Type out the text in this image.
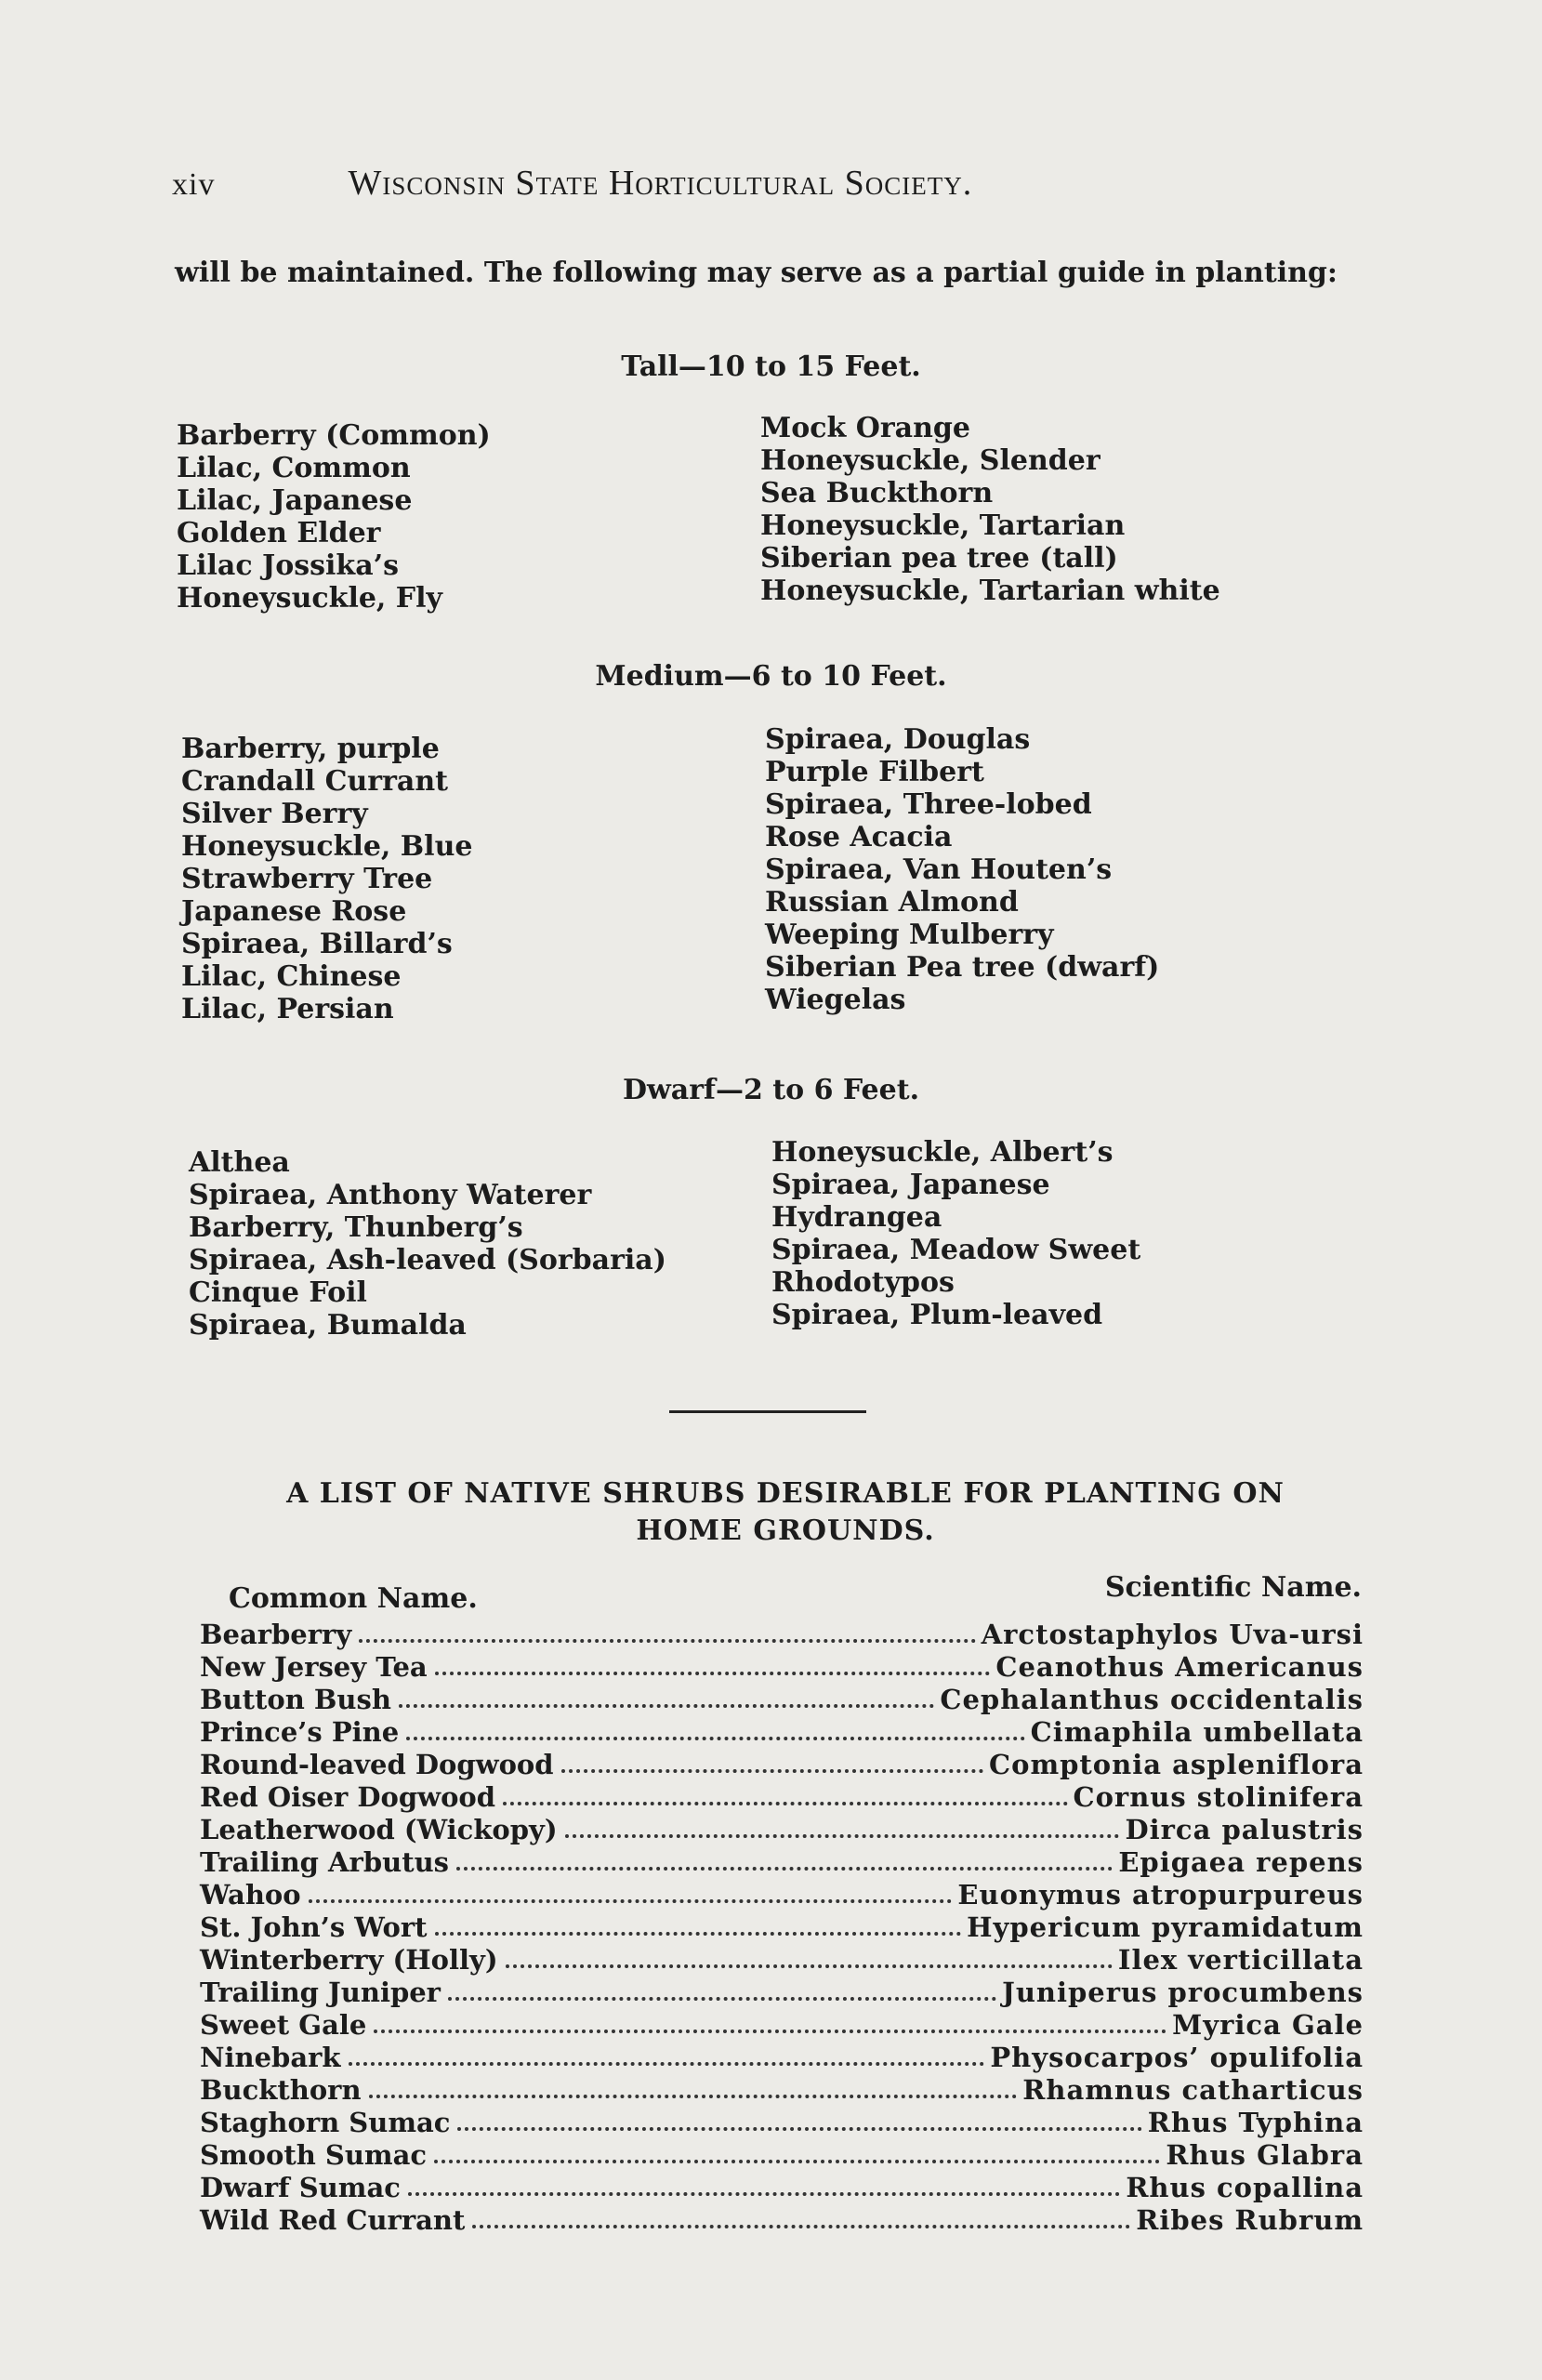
xiv	Wisconsin State Horticultural Society.
will be maintained. The following may serve as a partial guide in planting:
Tall—10 to 15 Feet.
Barberry (Common)
Lilac, Common
Lilac, Japanese
Golden Elder
Lilac Jossika’s
Honeysuckle, Fly
Mock Orange
Honeysuckle, Slender
Sea Buckthorn
Honeysuckle, Tartarian
Siberian pea tree (tall)
Honeysuckle, Tartarian white
Medium—6 to 10 Feet.
Barberry, purple
Crandall Currant
Silver Berry
Honeysuckle, Blue
Strawberry Tree
Japanese Rose
Spiraea, Billard’s
Lilac, Chinese
Lilac, Persian
Spiraea, Douglas
Purple Filbert
Spiraea, Three-lobed
Rose Acacia
Spiraea, Van Houten’s
Russian Almond
Weeping Mulberry
Siberian Pea tree (dwarf)
Wiegelas
Dwarf—2 to 6 Feet.
Althea
Spiraea, Anthony Waterer
Barberry, Thunberg’s
Spiraea, Ash-leaved (Sorbaria)
Cinque Foil
Spiraea, Bumalda
Honeysuckle, Albert’s
Spiraea, Japanese
Hydrangea
Spiraea, Meadow Sweet
Rhodotypos
Spiraea, Plum-leaved
A LIST OF NATIVE SHRUBS DESIRABLE FOR PLANTING ON
HOME GROUNDS.
Common Name.	Scientific Name.
Bearberry	Arctostaphylos Uva-ursi
New Jersey Tea	Ceanothus Americanus
Button Bush	Cephalanthus occidentalis
Prince’s Pine	Cimaphila umbellata
Round-leaved Dogwood	Comptonia aspleniflora
Red Oiser Dogwood	Cornus stolinifera
Leatherwood (Wickopy)	Dirca palustris
Trailing Arbutus	Epigaea repens
Wahoo	Euonymus atropurpureus
St. John’s Wort	Hypericum pyramidatum
Winterberry (Holly)	Ilex verticillata
Trailing Juniper	Juniperus procumbens
Sweet Gale	Myrica Gale
Ninebark	Physocarpos’ opulifolia
Buckthorn	Rhamnus catharticus
Staghorn Sumac	Rhus Typhina
Smooth Sumac	Rhus Glabra
Dwarf Sumac	Rhus copallina
Wild Red Currant	Ribes Rubrum
